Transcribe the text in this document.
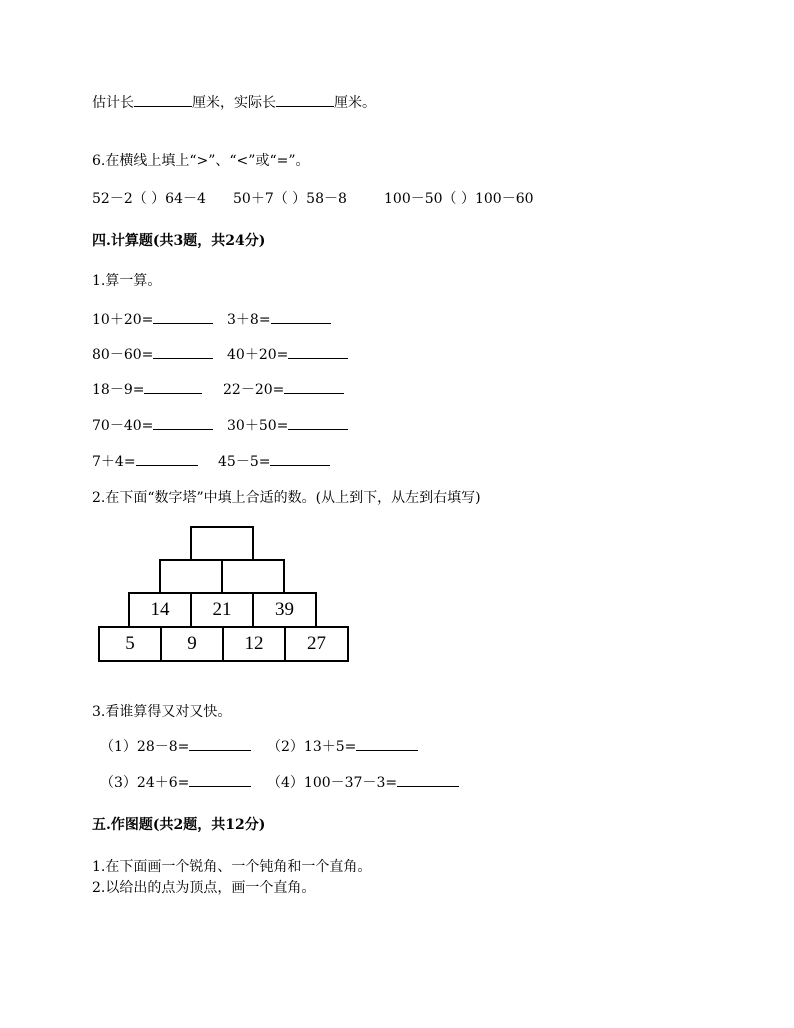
估计长	厘米，实际长	厘米。
6.在横线上填上“>”、“<”或“=”。
52－2（ ）64－4 50＋7（ ）58－8	100－50（ ）100－60
四.计算题(共3题，共24分)
1.算一算。
10＋20=	3＋8=
80－60=	40＋20=
18－9=	22－20=
70－40=	30＋50=
7＋4=	45－5=
2.在下面“数字塔”中填上合适的数。(从上到下，从左到右填写)
14 21 39
5	9	12 27
3.看谁算得又对又快。
（1）28－8=	（2）13＋5=
（3）24＋6=	（4）100－37－3=
五.作图题(共2题，共12分)
1.在下面画一个锐角、一个钝角和一个直角。
2.以给出的点为顶点，画一个直角。
